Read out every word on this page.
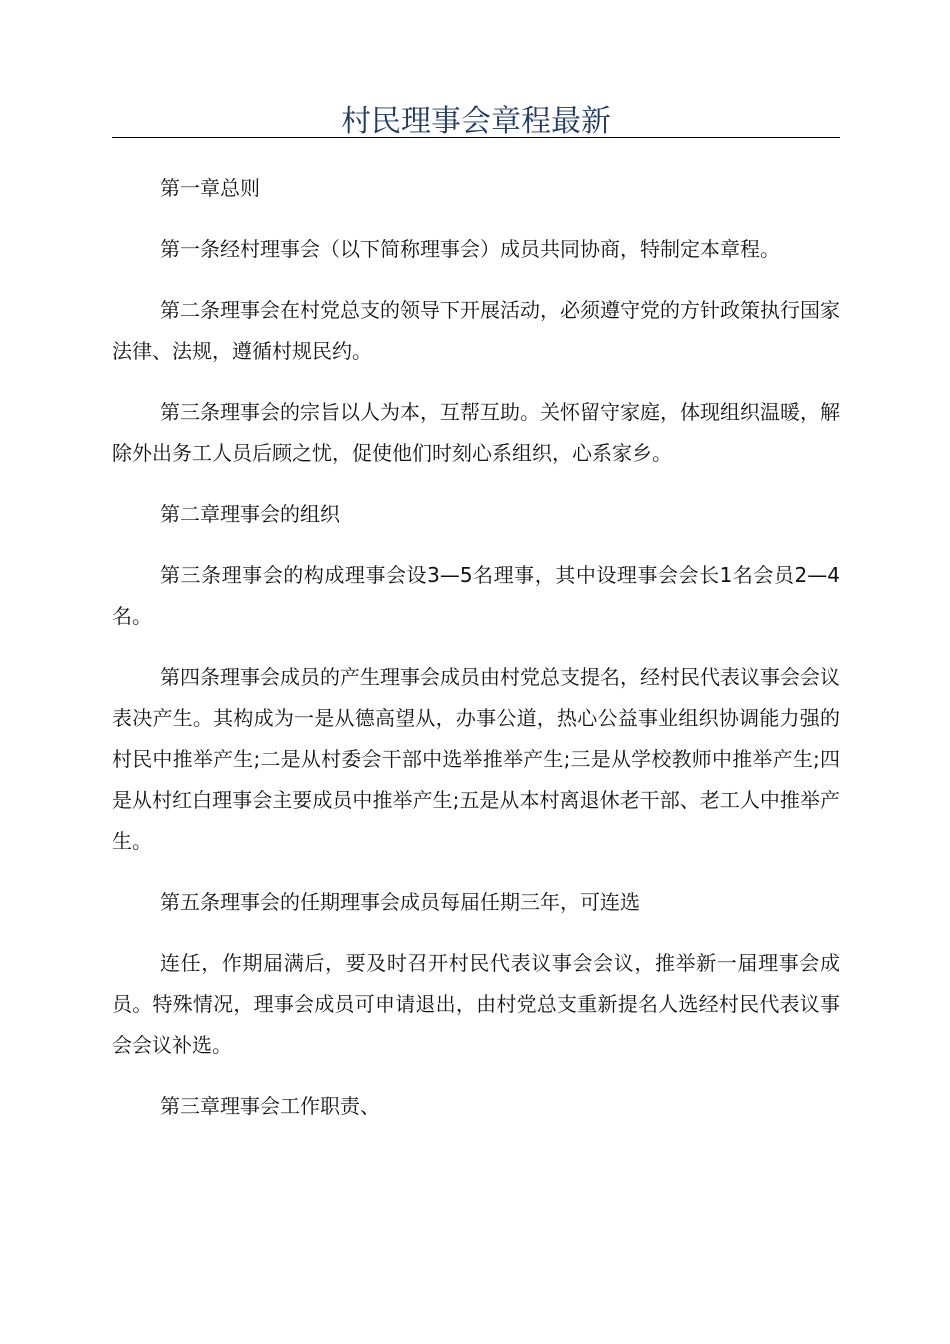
村民理事会章程最新

第一章总则

第一条经村理事会（以下简称理事会）成员共同协商，特制定本章程。

第二条理事会在村党总支的领导下开展活动，必须遵守党的方针政策执行国家法律、法规，遵循村规民约。

第三条理事会的宗旨以人为本，互帮互助。关怀留守家庭，体现组织温暖，解除外出务工人员后顾之忧，促使他们时刻心系组织，心系家乡。

第二章理事会的组织

第三条理事会的构成理事会设3—5名理事，其中设理事会会长1名会员2—4名。

第四条理事会成员的产生理事会成员由村党总支提名，经村民代表议事会会议表决产生。其构成为一是从德高望从，办事公道，热心公益事业组织协调能力强的村民中推举产生;二是从村委会干部中选举推举产生;三是从学校教师中推举产生;四是从村红白理事会主要成员中推举产生;五是从本村离退休老干部、老工人中推举产生。

第五条理事会的任期理事会成员每届任期三年，可连选

连任，作期届满后，要及时召开村民代表议事会会议，推举新一届理事会成员。特殊情况，理事会成员可申请退出，由村党总支重新提名人选经村民代表议事会会议补选。

第三章理事会工作职责、
